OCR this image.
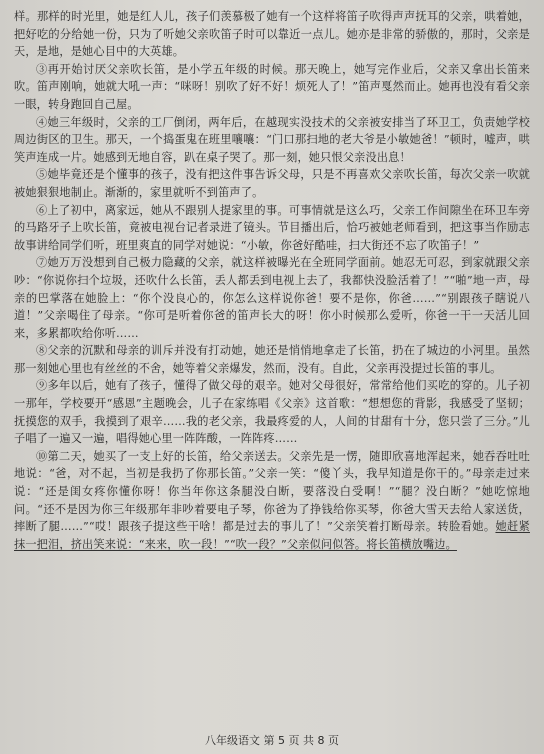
样。那样的时光里，她是红人儿，孩子们羡慕极了她有一个这样将笛子吹得声声抚耳的父亲，哄着她，把好吃的分给她一份，只为了听她父亲吹笛子时可以靠近一点儿。她亦是非常的骄傲的，那时，父亲是天，是地，是她心目中的大英雄。

③再开始讨厌父亲吹长笛，是小学五年级的时候。那天晚上，她写完作业后，父亲又拿出长笛来吹。笛声刚响，她就大吼一声：“咪呀！别吹了好不好！烦死人了！”笛声戛然而止。她再也没有看父亲一眼，转身跑回自己屋。

④她三年级时，父亲的工厂倒闭，两年后，在越现实没技术的父亲被安排当了环卫工，负责她学校周边街区的卫生。那天，一个捣蛋鬼在班里嚷嚷：“门口那扫地的老大爷是小敏她爸！”顿时，嘘声，哄笑声连成一片。她感到无地自容，趴在桌子哭了。那一刻，她只恨父亲没出息！

⑤她毕竟还是个懂事的孩子，没有把这件事告诉父母，只是不再喜欢父亲吹长笛，每次父亲一吹就被她狠狠地制止。渐渐的，家里就听不到笛声了。

⑥上了初中，离家远，她从不跟别人提家里的事。可事情就是这么巧，父亲工作间隙坐在环卫车旁的马路牙子上吹长笛，竟被电视台记者录进了镜头。节目播出后，恰巧被她老师看到，把这事当作励志故事讲给同学们听，班里爽直的同学对她说：“小敏，你爸好酷哇，扫大街还不忘了吹笛子！”

⑦她万万没想到自己极力隐藏的父亲，就这样被曝光在全班同学面前。她忍无可忍，到家就跟父亲吵：“你说你扫个垃圾，还吹什么长笛，丢人都丢到电视上去了，我都快没脸活着了！”“啪”地一声，母亲的巴掌落在她脸上：“你个没良心的，你怎么这样说你爸！要不是你，你爸……”“别跟孩子瞎说八道！”父亲喝住了母亲。“你可是听着你爸的笛声长大的呀！你小时候那么爱听，你爸一干一天活儿回来，多累都吹给你听……

⑧父亲的沉默和母亲的训斥并没有打动她，她还是悄悄地拿走了长笛，扔在了城边的小河里。虽然那一刻她心里也有丝丝的不舍，她等着父亲爆发，然而，没有。自此，父亲再没提过长笛的事儿。

⑨多年以后，她有了孩子，懂得了做父母的艰辛。她对父母很好，常常给他们买吃的穿的。儿子初一那年，学校要开“感恩”主题晚会，儿子在家练唱《父亲》这首歌：“想想您的背影，我感受了坚韧；抚摸您的双手，我摸到了艰辛……我的老父亲，我最疼爱的人，人间的甘甜有十分，您只尝了三分。”儿子唱了一遍又一遍，唱得她心里一阵阵酸，一阵阵疼……

⑩第二天，她买了一支上好的长笛，给父亲送去。父亲先是一愣，随即欣喜地浑起来，她吞吞吐吐地说：“爸，对不起，当初是我扔了你那长笛。”父亲一笑：“傻丫头，我早知道是你干的。”母亲走过来说：“还是闺女疼你懂你呀！你当年你这条腿没白断，要落没白受啊！”“腿？没白断？”她吃惊地问。“还不是因为你三年级那年非吵着要电子琴，你爸为了挣钱给你买琴，你爸大雪天去给人家送货，摔断了腿……”“哎！跟孩子提这些干啥！都是过去的事儿了！”父亲笑着打断母亲。转脸看她。她赶紧抹一把泪，挤出笑来说：“来来，吹一段！”“吹一段？”父亲似问似答。将长笛横放嘴边。

八年级语文 第 5 页 共 8 页
